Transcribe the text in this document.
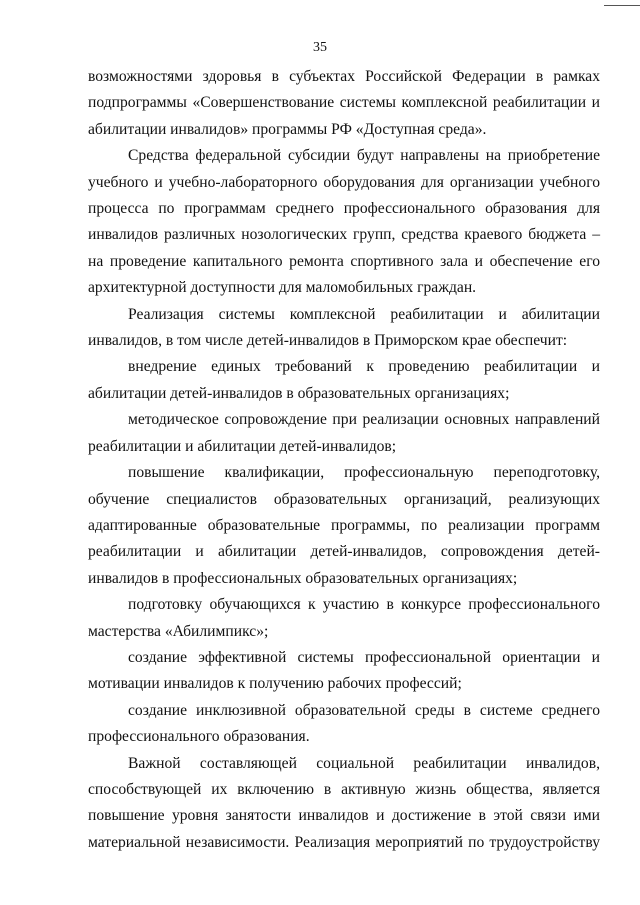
35

возможностями здоровья в субъектах Российской Федерации в рамках подпрограммы «Совершенствование системы комплексной реабилитации и абилитации инвалидов» программы РФ «Доступная среда».

Средства федеральной субсидии будут направлены на приобретение учебного и учебно-лабораторного оборудования для организации учебного процесса по программам среднего профессионального образования для инвалидов различных нозологических групп, средства краевого бюджета – на проведение капитального ремонта спортивного зала и обеспечение его архитектурной доступности для маломобильных граждан.

Реализация системы комплексной реабилитации и абилитации инвалидов, в том числе детей-инвалидов в Приморском крае обеспечит:

внедрение единых требований к проведению реабилитации и абилитации детей-инвалидов в образовательных организациях;

методическое сопровождение при реализации основных направлений реабилитации и абилитации детей-инвалидов;

повышение квалификации, профессиональную переподготовку, обучение специалистов образовательных организаций, реализующих адаптированные образовательные программы, по реализации программ реабилитации и абилитации детей-инвалидов, сопровождения детей-инвалидов в профессиональных образовательных организациях;

подготовку обучающихся к участию в конкурсе профессионального мастерства «Абилимпикс»;

создание эффективной системы профессиональной ориентации и мотивации инвалидов к получению рабочих профессий;

создание инклюзивной образовательной среды в системе среднего профессионального образования.

Важной составляющей социальной реабилитации инвалидов, способствующей их включению в активную жизнь общества, является повышение уровня занятости инвалидов и достижение в этой связи ими материальной независимости. Реализация мероприятий по трудоустройству
